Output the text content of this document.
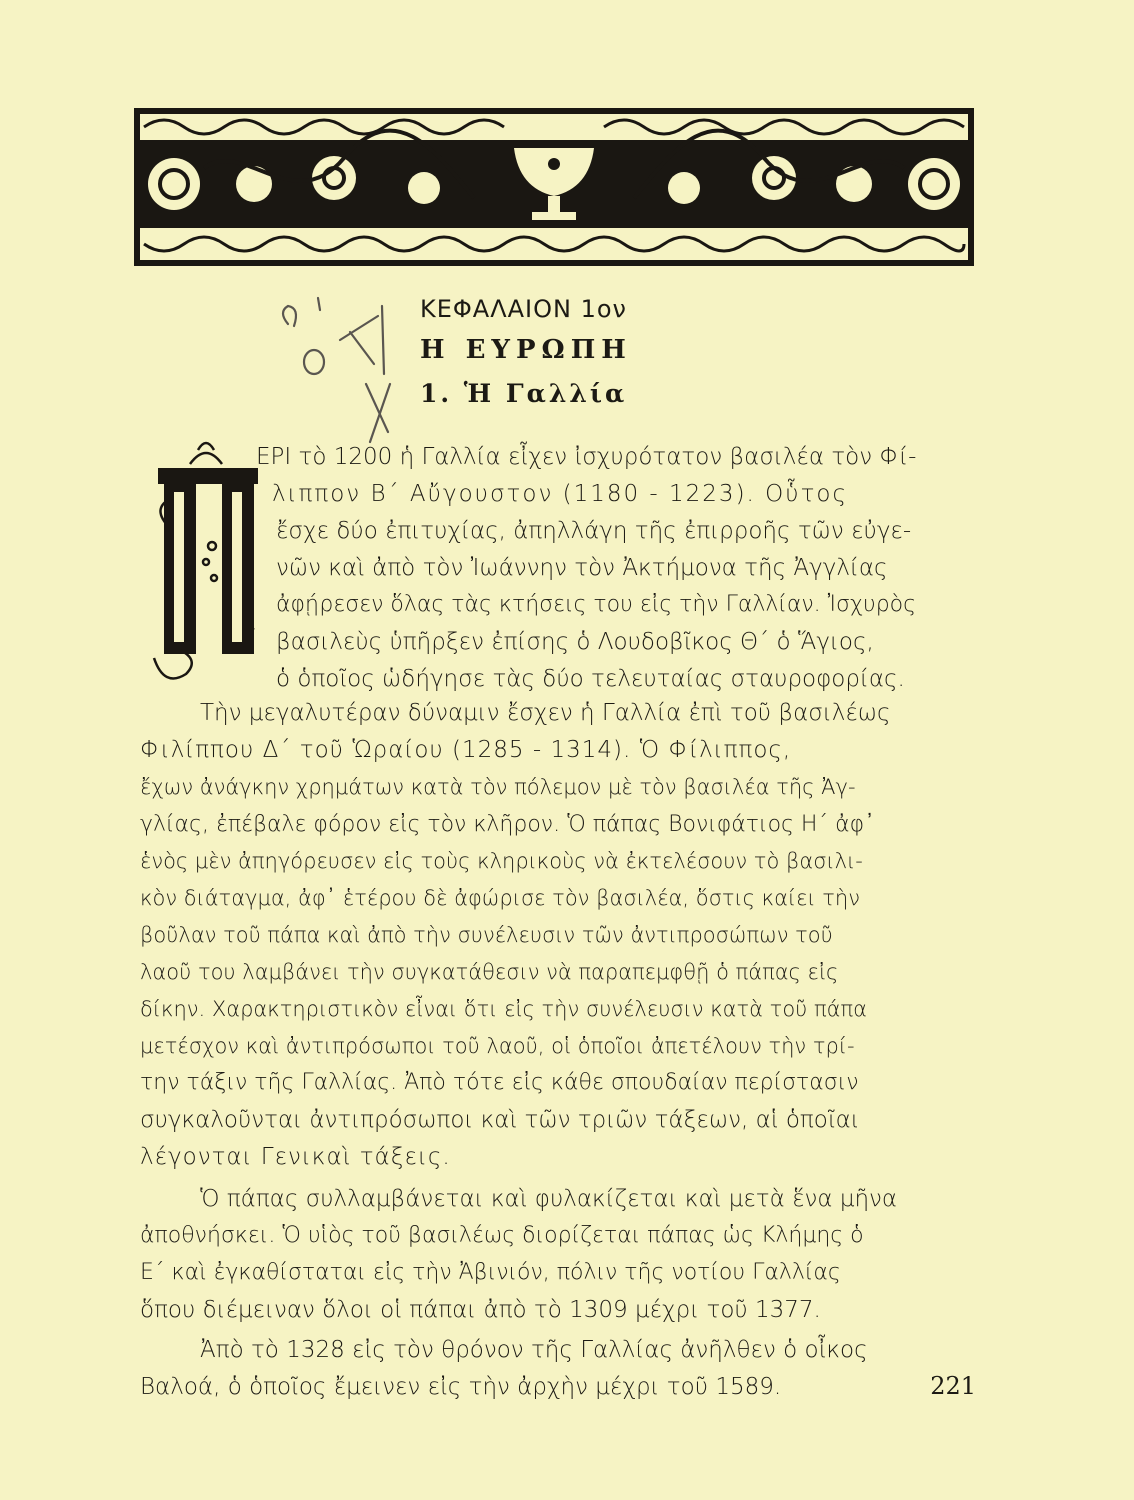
ΚΕΦΑΛΑΙΟΝ 1ον
Η ΕΥΡΩΠΗ
1. Ἡ Γαλλία
ΕΡΙ τὸ 1200 ἡ Γαλλία εἶχεν ἰσχυρότατον βασιλέα τὸν Φί-
λιππον Β΄ Αὔγουστον (1180 - 1223). Οὗτος
ἔσχε δύο ἐπιτυχίας, ἀπηλλάγη τῆς ἐπιρροῆς τῶν εὐγε-
νῶν καὶ ἀπὸ τὸν Ἰωάννην τὸν Ἀκτήμονα τῆς Ἀγγλίας
ἀφῄρεσεν ὅλας τὰς κτήσεις του εἰς τὴν Γαλλίαν. Ἰσχυρὸς
βασιλεὺς ὑπῆρξεν ἐπίσης ὁ Λουδοβῖκος Θ΄ ὁ Ἅγιος,
ὁ ὁποῖος ὡδήγησε τὰς δύο τελευταίας σταυροφορίας.
Τὴν μεγαλυτέραν δύναμιν ἔσχεν ἡ Γαλλία ἐπὶ τοῦ βασιλέως
Φιλίππου Δ΄ τοῦ Ὡραίου (1285 - 1314). Ὁ Φίλιππος,
ἔχων ἀνάγκην χρημάτων κατὰ τὸν πόλεμον μὲ τὸν βασιλέα τῆς Ἀγ-
γλίας, ἐπέβαλε φόρον εἰς τὸν κλῆρον. Ὁ πάπας Βονιφάτιος Η΄ ἀφ᾽
ἑνὸς μὲν ἀπηγόρευσεν εἰς τοὺς κληρικοὺς νὰ ἐκτελέσουν τὸ βασιλι-
κὸν διάταγμα, ἀφ᾽ ἑτέρου δὲ ἀφώρισε τὸν βασιλέα, ὅστις καίει τὴν
βοῦλαν τοῦ πάπα καὶ ἀπὸ τὴν συνέλευσιν τῶν ἀντιπροσώπων τοῦ
λαοῦ του λαμβάνει τὴν συγκατάθεσιν νὰ παραπεμφθῇ ὁ πάπας εἰς
δίκην. Χαρακτηριστικὸν εἶναι ὅτι εἰς τὴν συνέλευσιν κατὰ τοῦ πάπα
μετέσχον καὶ ἀντιπρόσωποι τοῦ λαοῦ, οἱ ὁποῖοι ἀπετέλουν τὴν τρί-
την τάξιν τῆς Γαλλίας. Ἀπὸ τότε εἰς κάθε σπουδαίαν περίστασιν
συγκαλοῦνται ἀντιπρόσωποι καὶ τῶν τριῶν τάξεων, αἱ ὁποῖαι
λέγονται Γενικαὶ τάξεις.
Ὁ πάπας συλλαμβάνεται καὶ φυλακίζεται καὶ μετὰ ἕνα μῆνα
ἀποθνήσκει. Ὁ υἱὸς τοῦ βασιλέως διορίζεται πάπας ὡς Κλήμης ὁ
Ε΄ καὶ ἐγκαθίσταται εἰς τὴν Ἀβινιόν, πόλιν τῆς νοτίου Γαλλίας
ὅπου διέμειναν ὅλοι οἱ πάπαι ἀπὸ τὸ 1309 μέχρι τοῦ 1377.
Ἀπὸ τὸ 1328 εἰς τὸν θρόνον τῆς Γαλλίας ἀνῆλθεν ὁ οἶκος
Βαλοά, ὁ ὁποῖος ἔμεινεν εἰς τὴν ἀρχὴν μέχρι τοῦ 1589.	221
